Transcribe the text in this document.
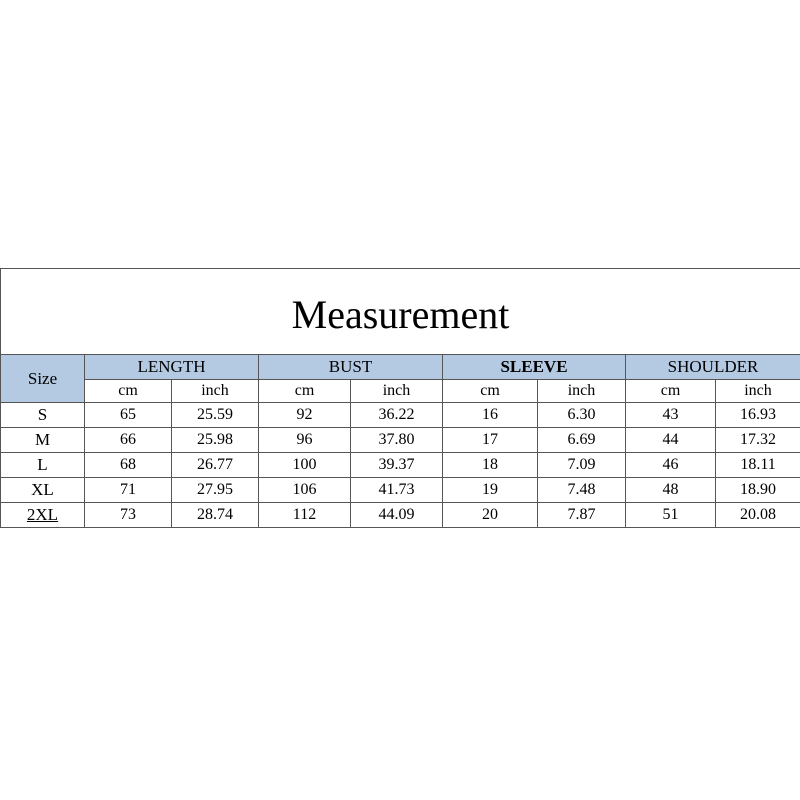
Measurement								
Size	LENGTH		BUST		SLEEVE		SHOULDER	
	cm	inch	cm	inch	cm	inch	cm	inch
S	65	25.59	92	36.22	16	6.30	43	16.93
M	66	25.98	96	37.80	17	6.69	44	17.32
L	68	26.77	100	39.37	18	7.09	46	18.11
XL	71	27.95	106	41.73	19	7.48	48	18.90
2XL	73	28.74	112	44.09	20	7.87	51	20.08
